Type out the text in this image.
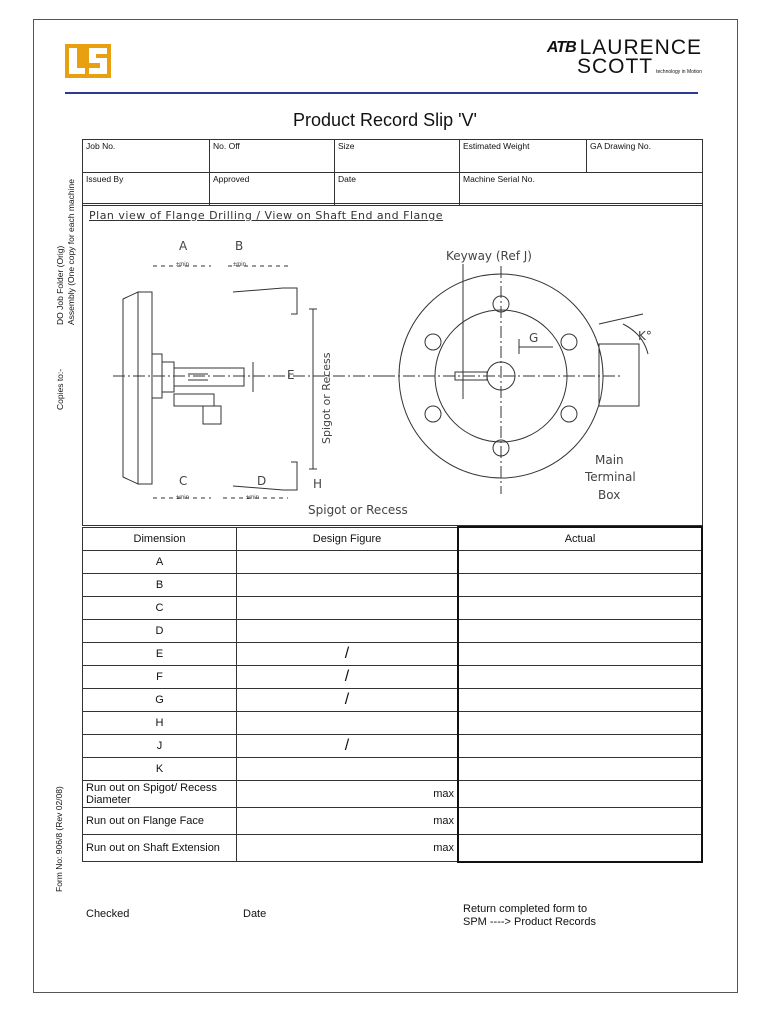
ATB LAURENCE
SCOTT technology in Motion
Product Record Slip 'V'
Copies to:-
DO Job Folder (Orig) Assembly (One copy for each machine
Form No: 906/8 (Rev 02/08)
Job No.	No. Off	Size	Estimated Weight	GA Drawing No.
Issued By	Approved	Date	Machine Serial No.	
Plan view of Flange Drilling / View on Shaft End and Flange
A
±min
B
±min
C
±min
D
±min
E
H
G	K°
Keyway (Ref J)
Spigot or Recess
Spigot or Recess
Main
Terminal
Box
Dimension	Design Figure	Actual
A		
B		
C		
D		
E	/	
F	/	
G	/	
H		
J	/	
K		
Run out on Spigot/ Recess Diameter	max	
Run out on Flange Face	max	
Run out on Shaft Extension	max	
Checked	Date	Return completed form to
SPM ----> Product Records
